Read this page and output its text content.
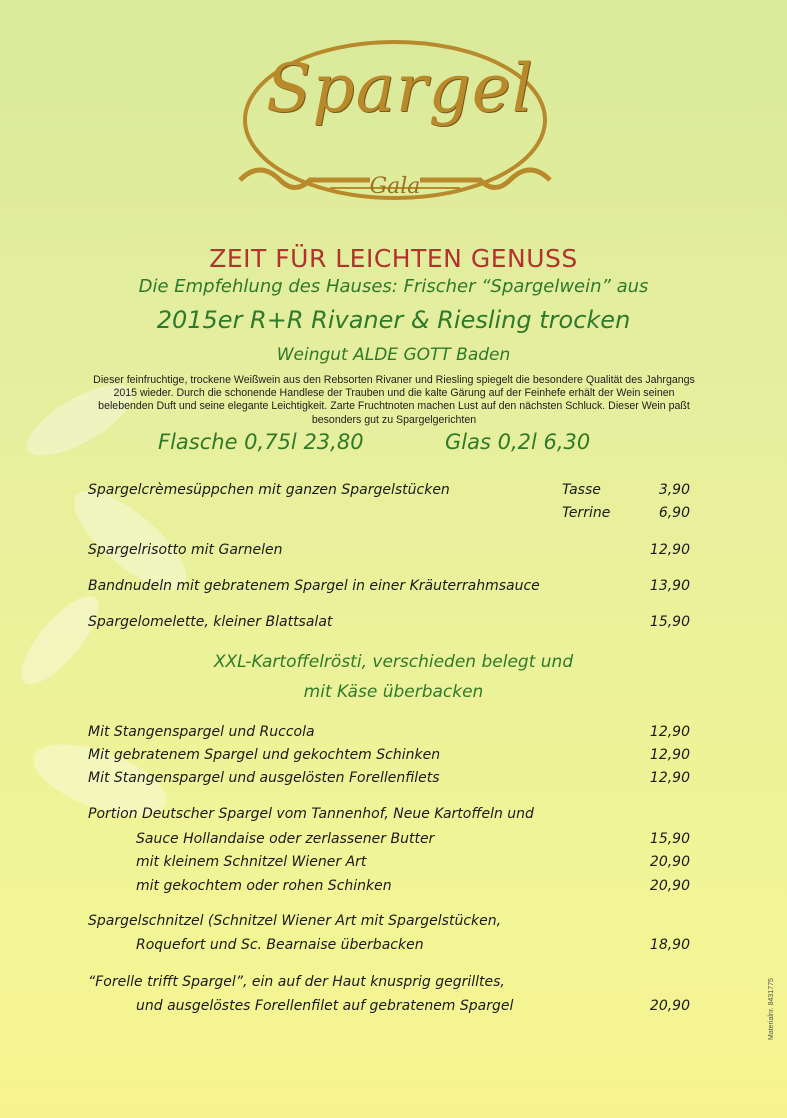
Spargel
Gala
ZEIT FÜR LEICHTEN GENUSS
Die Empfehlung des Hauses: Frischer “Spargelwein” aus
2015er R+R Rivaner & Riesling trocken
Weingut ALDE GOTT Baden
Dieser feinfruchtige, trockene Weißwein aus den Rebsorten Rivaner und Riesling spiegelt die besondere Qualität des Jahrgangs 2015 wieder. Durch die schonende Handlese der Trauben und die kalte Gärung auf der Feinhefe erhält der Wein seinen belebenden Duft und seine elegante Leichtigkeit. Zarte Fruchtnoten machen Lust auf den nächsten Schluck. Dieser Wein paßt besonders gut zu Spargelgerichten
Flasche 0,75l 23,80	Glas 0,2l 6,30
Spargelcrèmesüppchen mit ganzen Spargelstücken	Tasse	3,90
Terrine	6,90
Spargelrisotto mit Garnelen	12,90
Bandnudeln mit gebratenem Spargel in einer Kräuterrahmsauce	13,90
Spargelomelette, kleiner Blattsalat	15,90
XXL-Kartoffelrösti, verschieden belegt und
mit Käse überbacken
Mit Stangenspargel und Ruccola	12,90
Mit gebratenem Spargel und gekochtem Schinken	12,90
Mit Stangenspargel und ausgelösten Forellenfilets	12,90
Portion Deutscher Spargel vom Tannenhof, Neue Kartoffeln und
Sauce Hollandaise oder zerlassener Butter	15,90
mit kleinem Schnitzel Wiener Art	20,90
mit gekochtem oder rohen Schinken	20,90
Spargelschnitzel (Schnitzel Wiener Art mit Spargelstücken,
Roquefort und Sc. Bearnaise überbacken	18,90
“Forelle trifft Spargel”, ein auf der Haut knusprig gegrilltes,
und ausgelöstes Forellenfilet auf gebratenem Spargel	20,90	Materialnr. 8431775
